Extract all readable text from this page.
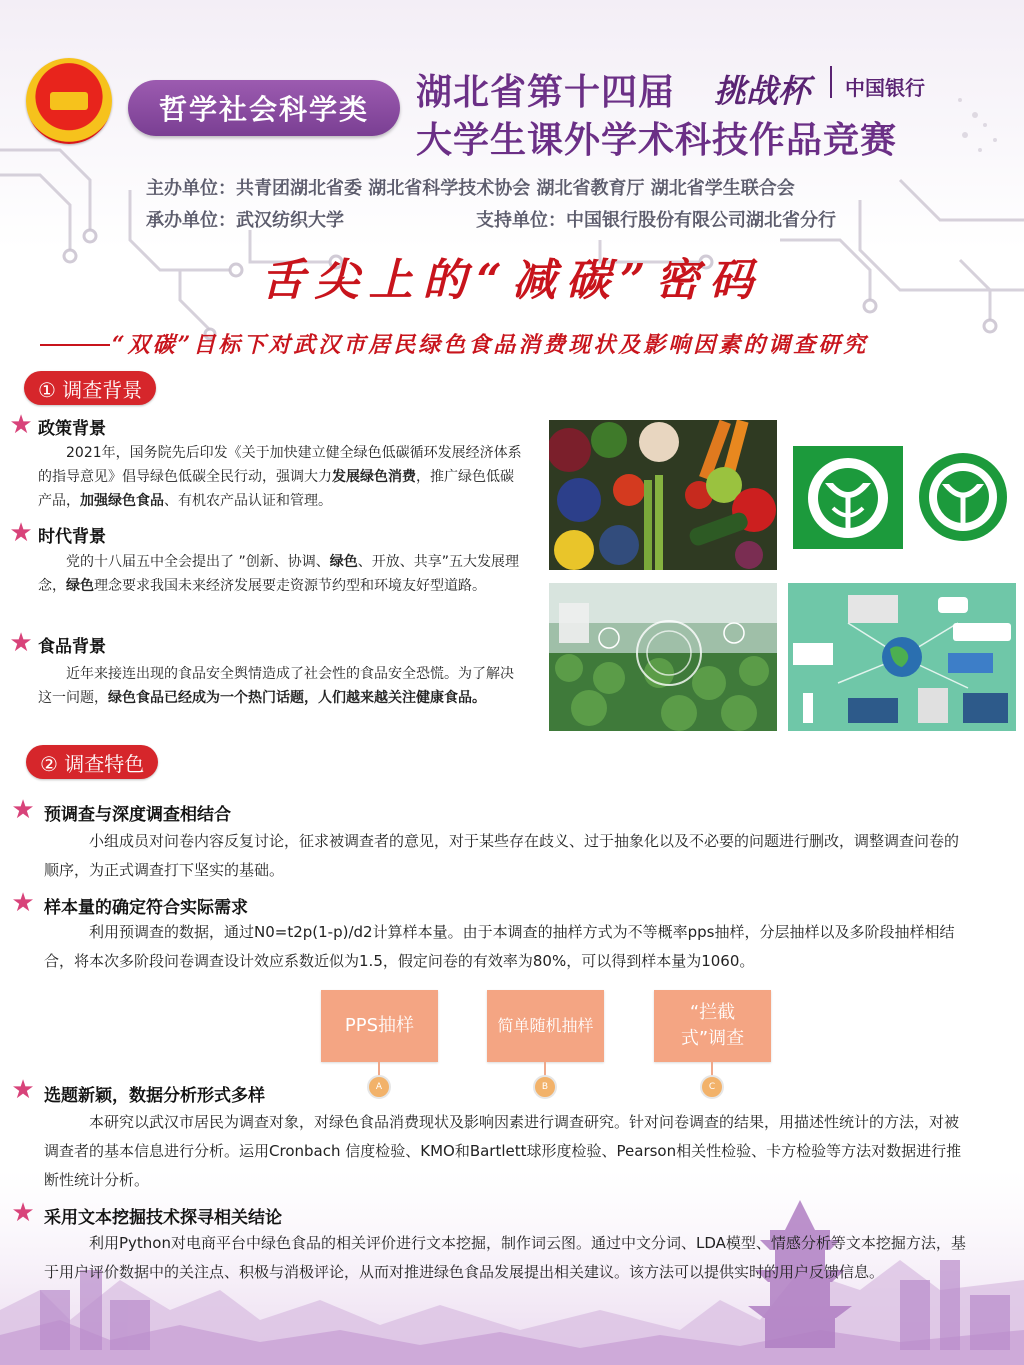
哲学社会科学类	湖北省第十四届 挑战杯 中国银行
大学生课外学术科技作品竞赛
主办单位：共青团湖北省委 湖北省科学技术协会 湖北省教育厅 湖北省学生联合会
承办单位：武汉纺织大学	支持单位：中国银行股份有限公司湖北省分行
舌尖上的“减碳”密码
“双碳”目标下对武汉市居民绿色食品消费现状及影响因素的调查研究
① 调查背景
★ 政策背景
2021年，国务院先后印发《关于加快建立健全绿色低碳循环发展经济体系的指导意见》倡导绿色低碳全民行动，强调大力发展绿色消费，推广绿色低碳产品，加强绿色食品、有机农产品认证和管理。
★ 时代背景
党的十八届五中全会提出了 ”创新、协调、绿色、开放、共享”五大发展理念，绿色理念要求我国未来经济发展要走资源节约型和环境友好型道路。
★ 食品背景
近年来接连出现的食品安全舆情造成了社会性的食品安全恐慌。为了解决这一问题，绿色食品已经成为一个热门话题，人们越来越关注健康食品。
② 调查特色
★ 预调查与深度调查相结合
小组成员对问卷内容反复讨论，征求被调查者的意见，对于某些存在歧义、过于抽象化以及不必要的问题进行删改，调整调查问卷的顺序，为正式调查打下坚实的基础。
★ 样本量的确定符合实际需求
利用预调查的数据，通过N0=t2p(1-p)/d2计算样本量。由于本调查的抽样方式为不等概率pps抽样，分层抽样以及多阶段抽样相结合，将本次多阶段问卷调查设计效应系数近似为1.5，假定问卷的有效率为80%，可以得到样本量为1060。
PPS抽样
A
简单随机抽样
B
“拦截式”调查
C
★ 选题新颖，数据分析形式多样
本研究以武汉市居民为调查对象，对绿色食品消费现状及影响因素进行调查研究。针对问卷调查的结果，用描述性统计的方法，对被调查者的基本信息进行分析。运用Cronbach 信度检验、KMO和Bartlett球形度检验、Pearson相关性检验、卡方检验等方法对数据进行推断性统计分析。
★ 采用文本挖掘技术探寻相关结论
利用Python对电商平台中绿色食品的相关评价进行文本挖掘，制作词云图。通过中文分词、LDA模型、情感分析等文本挖掘方法，基于用户评价数据中的关注点、积极与消极评论，从而对推进绿色食品发展提出相关建议。该方法可以提供实时的用户反馈信息。
